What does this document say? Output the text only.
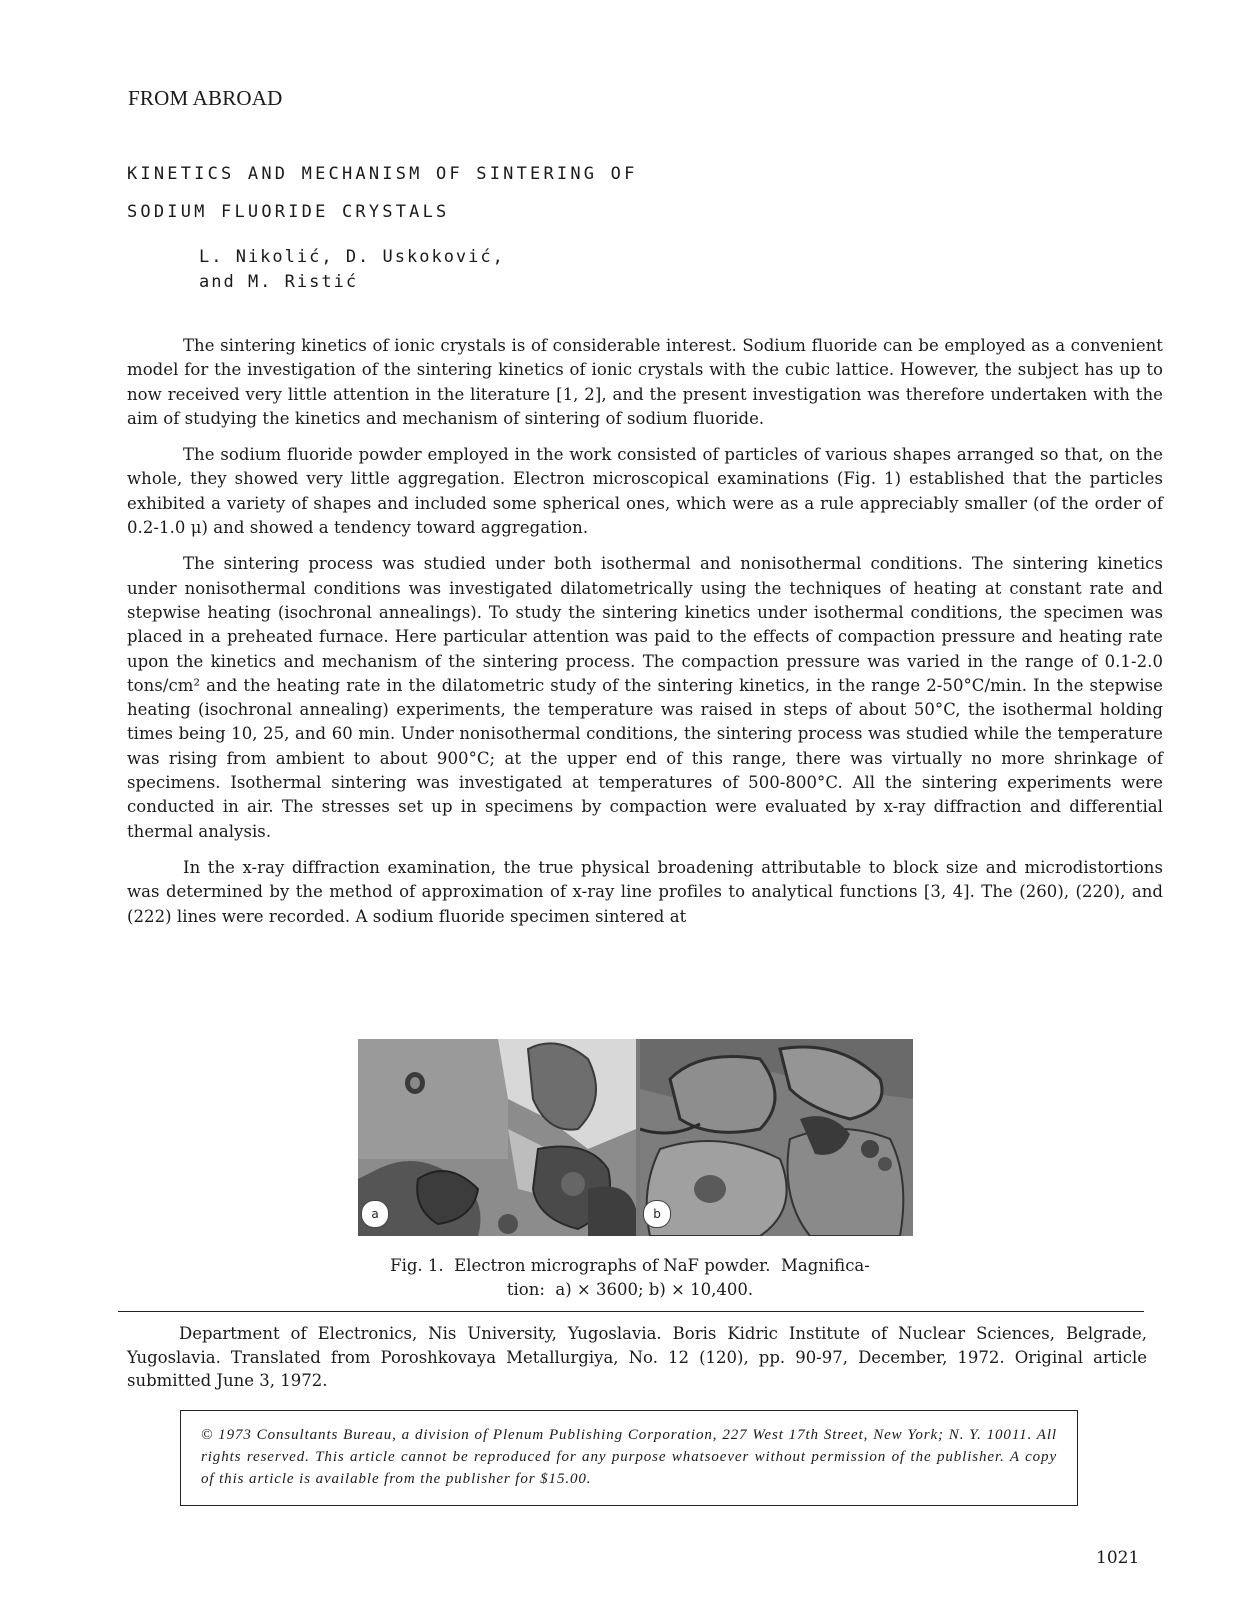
FROM ABROAD
KINETICS AND MECHANISM OF SINTERING OF
SODIUM FLUORIDE CRYSTALS
L. Nikolić, D. Uskoković,
and M. Ristić

The sintering kinetics of ionic crystals is of considerable interest. Sodium fluoride can be employed as a convenient model for the investigation of the sintering kinetics of ionic crystals with the cubic lattice. However, the subject has up to now received very little attention in the literature [1, 2], and the present investigation was therefore undertaken with the aim of studying the kinetics and mechanism of sintering of sodium fluoride.

The sodium fluoride powder employed in the work consisted of particles of various shapes arranged so that, on the whole, they showed very little aggregation. Electron microscopical examinations (Fig. 1) established that the particles exhibited a variety of shapes and included some spherical ones, which were as a rule appreciably smaller (of the order of 0.2-1.0 μ) and showed a tendency toward aggregation.

The sintering process was studied under both isothermal and nonisothermal conditions. The sintering kinetics under nonisothermal conditions was investigated dilatometrically using the techniques of heating at constant rate and stepwise heating (isochronal annealings). To study the sintering kinetics under isothermal conditions, the specimen was placed in a preheated furnace. Here particular attention was paid to the effects of compaction pressure and heating rate upon the kinetics and mechanism of the sintering process. The compaction pressure was varied in the range of 0.1-2.0 tons/cm² and the heating rate in the dilatometric study of the sintering kinetics, in the range 2-50°C/min. In the stepwise heating (isochronal annealing) experiments, the temperature was raised in steps of about 50°C, the isothermal holding times being 10, 25, and 60 min. Under nonisothermal conditions, the sintering process was studied while the temperature was rising from ambient to about 900°C; at the upper end of this range, there was virtually no more shrinkage of specimens. Isothermal sintering was investigated at temperatures of 500-800°C. All the sintering experiments were conducted in air. The stresses set up in specimens by compaction were evaluated by x-ray diffraction and differential thermal analysis.

In the x-ray diffraction examination, the true physical broadening attributable to block size and microdistortions was determined by the method of approximation of x-ray line profiles to analytical functions [3, 4]. The (260), (220), and (222) lines were recorded. A sodium fluoride specimen sintered at

a	b
Fig. 1.  Electron micrographs of NaF powder.  Magnifica-
tion:  a) × 3600; b) × 10,400.

Department of Electronics, Nis University, Yugoslavia. Boris Kidric Institute of Nuclear Sciences, Belgrade, Yugoslavia. Translated from Poroshkovaya Metallurgiya, No. 12 (120), pp. 90-97, December, 1972. Original article submitted June 3, 1972.

© 1973 Consultants Bureau, a division of Plenum Publishing Corporation, 227 West 17th Street, New York; N. Y. 10011. All rights reserved. This article cannot be reproduced for any purpose whatsoever without permission of the publisher. A copy of this article is available from the publisher for $15.00.

1021
